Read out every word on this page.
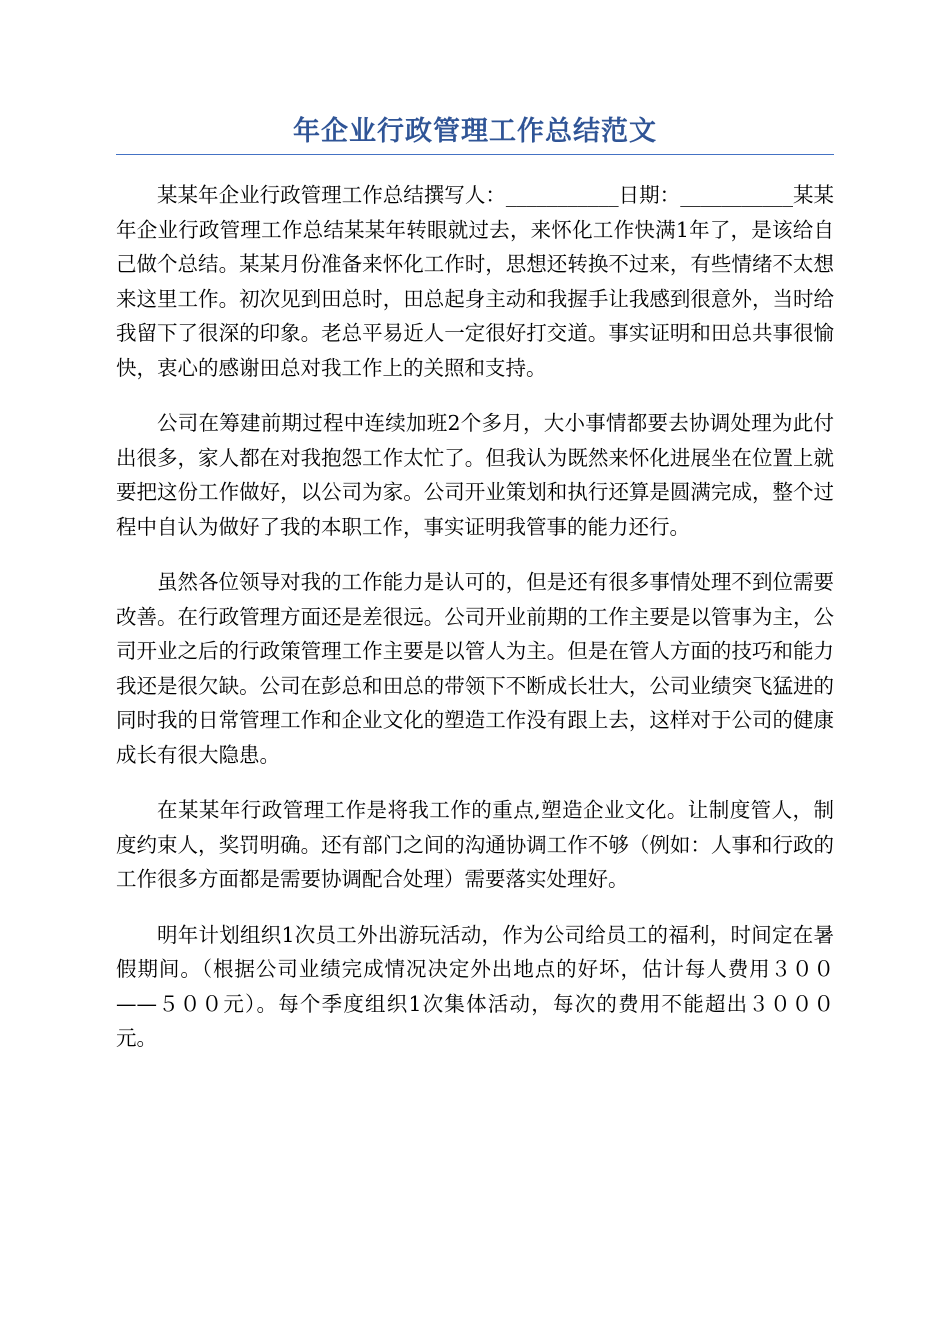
年企业行政管理工作总结范文

某某年企业行政管理工作总结撰写人：___________日期：___________某某年企业行政管理工作总结某某年转眼就过去，来怀化工作快满1年了，是该给自己做个总结。某某月份准备来怀化工作时，思想还转换不过来，有些情绪不太想来这里工作。初次见到田总时，田总起身主动和我握手让我感到很意外，当时给我留下了很深的印象。老总平易近人一定很好打交道。事实证明和田总共事很愉快，衷心的感谢田总对我工作上的关照和支持。

公司在筹建前期过程中连续加班2个多月，大小事情都要去协调处理为此付出很多，家人都在对我抱怨工作太忙了。但我认为既然来怀化进展坐在位置上就要把这份工作做好，以公司为家。公司开业策划和执行还算是圆满完成，整个过程中自认为做好了我的本职工作，事实证明我管事的能力还行。

虽然各位领导对我的工作能力是认可的，但是还有很多事情处理不到位需要改善。在行政管理方面还是差很远。公司开业前期的工作主要是以管事为主，公司开业之后的行政策管理工作主要是以管人为主。但是在管人方面的技巧和能力我还是很欠缺。公司在彭总和田总的带领下不断成长壮大，公司业绩突飞猛进的同时我的日常管理工作和企业文化的塑造工作没有跟上去，这样对于公司的健康成长有很大隐患。

在某某年行政管理工作是将我工作的重点,塑造企业文化。让制度管人，制度约束人，奖罚明确。还有部门之间的沟通协调工作不够（例如：人事和行政的工作很多方面都是需要协调配合处理）需要落实处理好。

明年计划组织1次员工外出游玩活动，作为公司给员工的福利，时间定在暑假期间。（根据公司业绩完成情况决定外出地点的好坏，估计每人费用３００——５００元）。每个季度组织1次集体活动，每次的费用不能超出３０００元。
